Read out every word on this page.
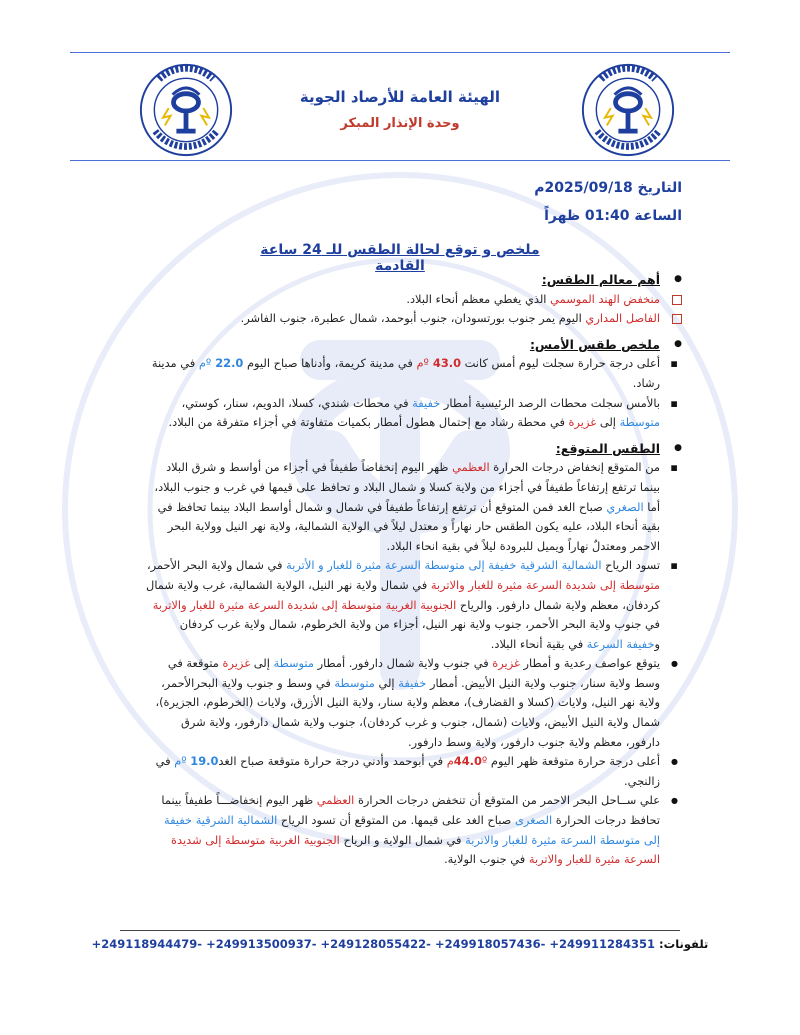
الهيئة العامة للأرصاد الجوية
وحدة الإنذار المبكر
التاريخ 2025/09/18م
الساعة 01:40 ظهراً
ملخص و توقع لحالة الطقس للـ 24 ساعة القادمة

● أهم معالم الطقس:

منخفض الهند الموسمي الذي يغطي معظم أنحاء البلاد.

الفاصل المداري اليوم يمر جنوب بورتسودان، جنوب أبوحمد، شمال عطبرة، جنوب الفاشر.

● ملخص طقس الأمس:

▪ أعلى درجة حرارة سجلت ليوم أمس كانت 43.0 ºم في مدينة كريمة، وأدناها صباح اليوم 22.0 ºم في مدينة رشاد.

▪ بالأمس سجلت محطات الرصد الرئيسية أمطار خفيفة في محطات شندي، كسلا، الدويم، سنار، كوستي، متوسطة إلى غزيرة في محطة رشاد مع إحتمال هطول أمطار بكميات متفاوتة في أجزاء متفرقة من البلاد.

● الطقس المتوقع:

▪ من المتوقع إنخفاض درجات الحرارة العظمي ظهر اليوم إنخفاضاً طفيفاً في أجزاء من أواسط و شرق البلاد بينما ترتفع إرتفاعاً طفيفاً في أجزاء من ولاية كسلا و شمال البلاد و تحافظ على قيمها في غرب و جنوب البلاد، أما الصغري صباح الغد فمن المتوقع أن ترتفع إرتفاعاً طفيفاً في شمال و شمال أواسط البلاد بينما تحافظ في بقية أنحاء البلاد، عليه يكون الطقس حار نهاراً و معتدل ليلاً في الولاية الشمالية، ولاية نهر النيل وولاية البحر الاحمر ومعتدلٌ نهاراً ويميل للبرودة ليلاً في بقية انحاء البلاد.

▪ تسود الرياح الشمالية الشرقية خفيفة إلى متوسطة السرعة مثيرة للغبار و الأتربة في شمال ولاية البحر الأحمر، متوسطة إلى شديدة السرعة مثيرة للغبار والاتربة في شمال ولاية نهر النيل، الولاية الشمالية، غرب ولاية شمال كردفان، معظم ولاية شمال دارفور. والرياح الجنوبية الغربية متوسطة إلى شديدة السرعة مثيرة للغبار والاتربة في جنوب ولاية البحر الأحمر، جنوب ولاية نهر النيل، أجزاء من ولاية الخرطوم، شمال ولاية غرب كردفان وخفيفة السرعة في بقية أنحاء البلاد.

● يتوقع عواصف رعدية و أمطار غزيرة في جنوب ولاية شمال دارفور. أمطار متوسطة إلى غزيرة متوقعة في وسط ولاية سنار، جنوب ولاية النيل الأبيض. أمطار خفيفة إلي متوسطة في وسط و جنوب ولاية البحرالأحمر، ولاية نهر النيل، ولايات (كسلا و القضارف)، معظم ولاية سنار، ولاية النيل الأزرق، ولايات (الخرطوم، الجزيرة)، شمال ولاية النيل الأبيض، ولايات (شمال، جنوب و غرب كردفان)، جنوب ولاية شمال دارفور، ولاية شرق دارفور، معظم ولاية جنوب دارفور، ولاية وسط دارفور.

● أعلى درجة حرارة متوقعة ظهر اليوم 44.0ºم في أبوحمد وأدني درجة حرارة متوقعة صباح الغد19.0 ºم في زالنجي.

● علي ســاحل البحر الاحمر من المتوقع أن تنخفض درجات الحرارة العظمي ظهر اليوم إنخفاضـــاً طفيفاً بينما تحافظ درجات الحرارة الصغرى صباح الغد على قيمها. من المتوقع أن تسود الرياح الشمالية الشرقية خفيفة إلى متوسطة السرعة مثيرة للغبار والاتربة في شمال الولاية و الرياح الجنوبية الغربية متوسطة إلى شديدة السرعة مثيرة للغبار والاتربة في جنوب الولاية.

تلفونات: +249118944479- +249913500937- +249128055422- +249918057436- +249911284351
